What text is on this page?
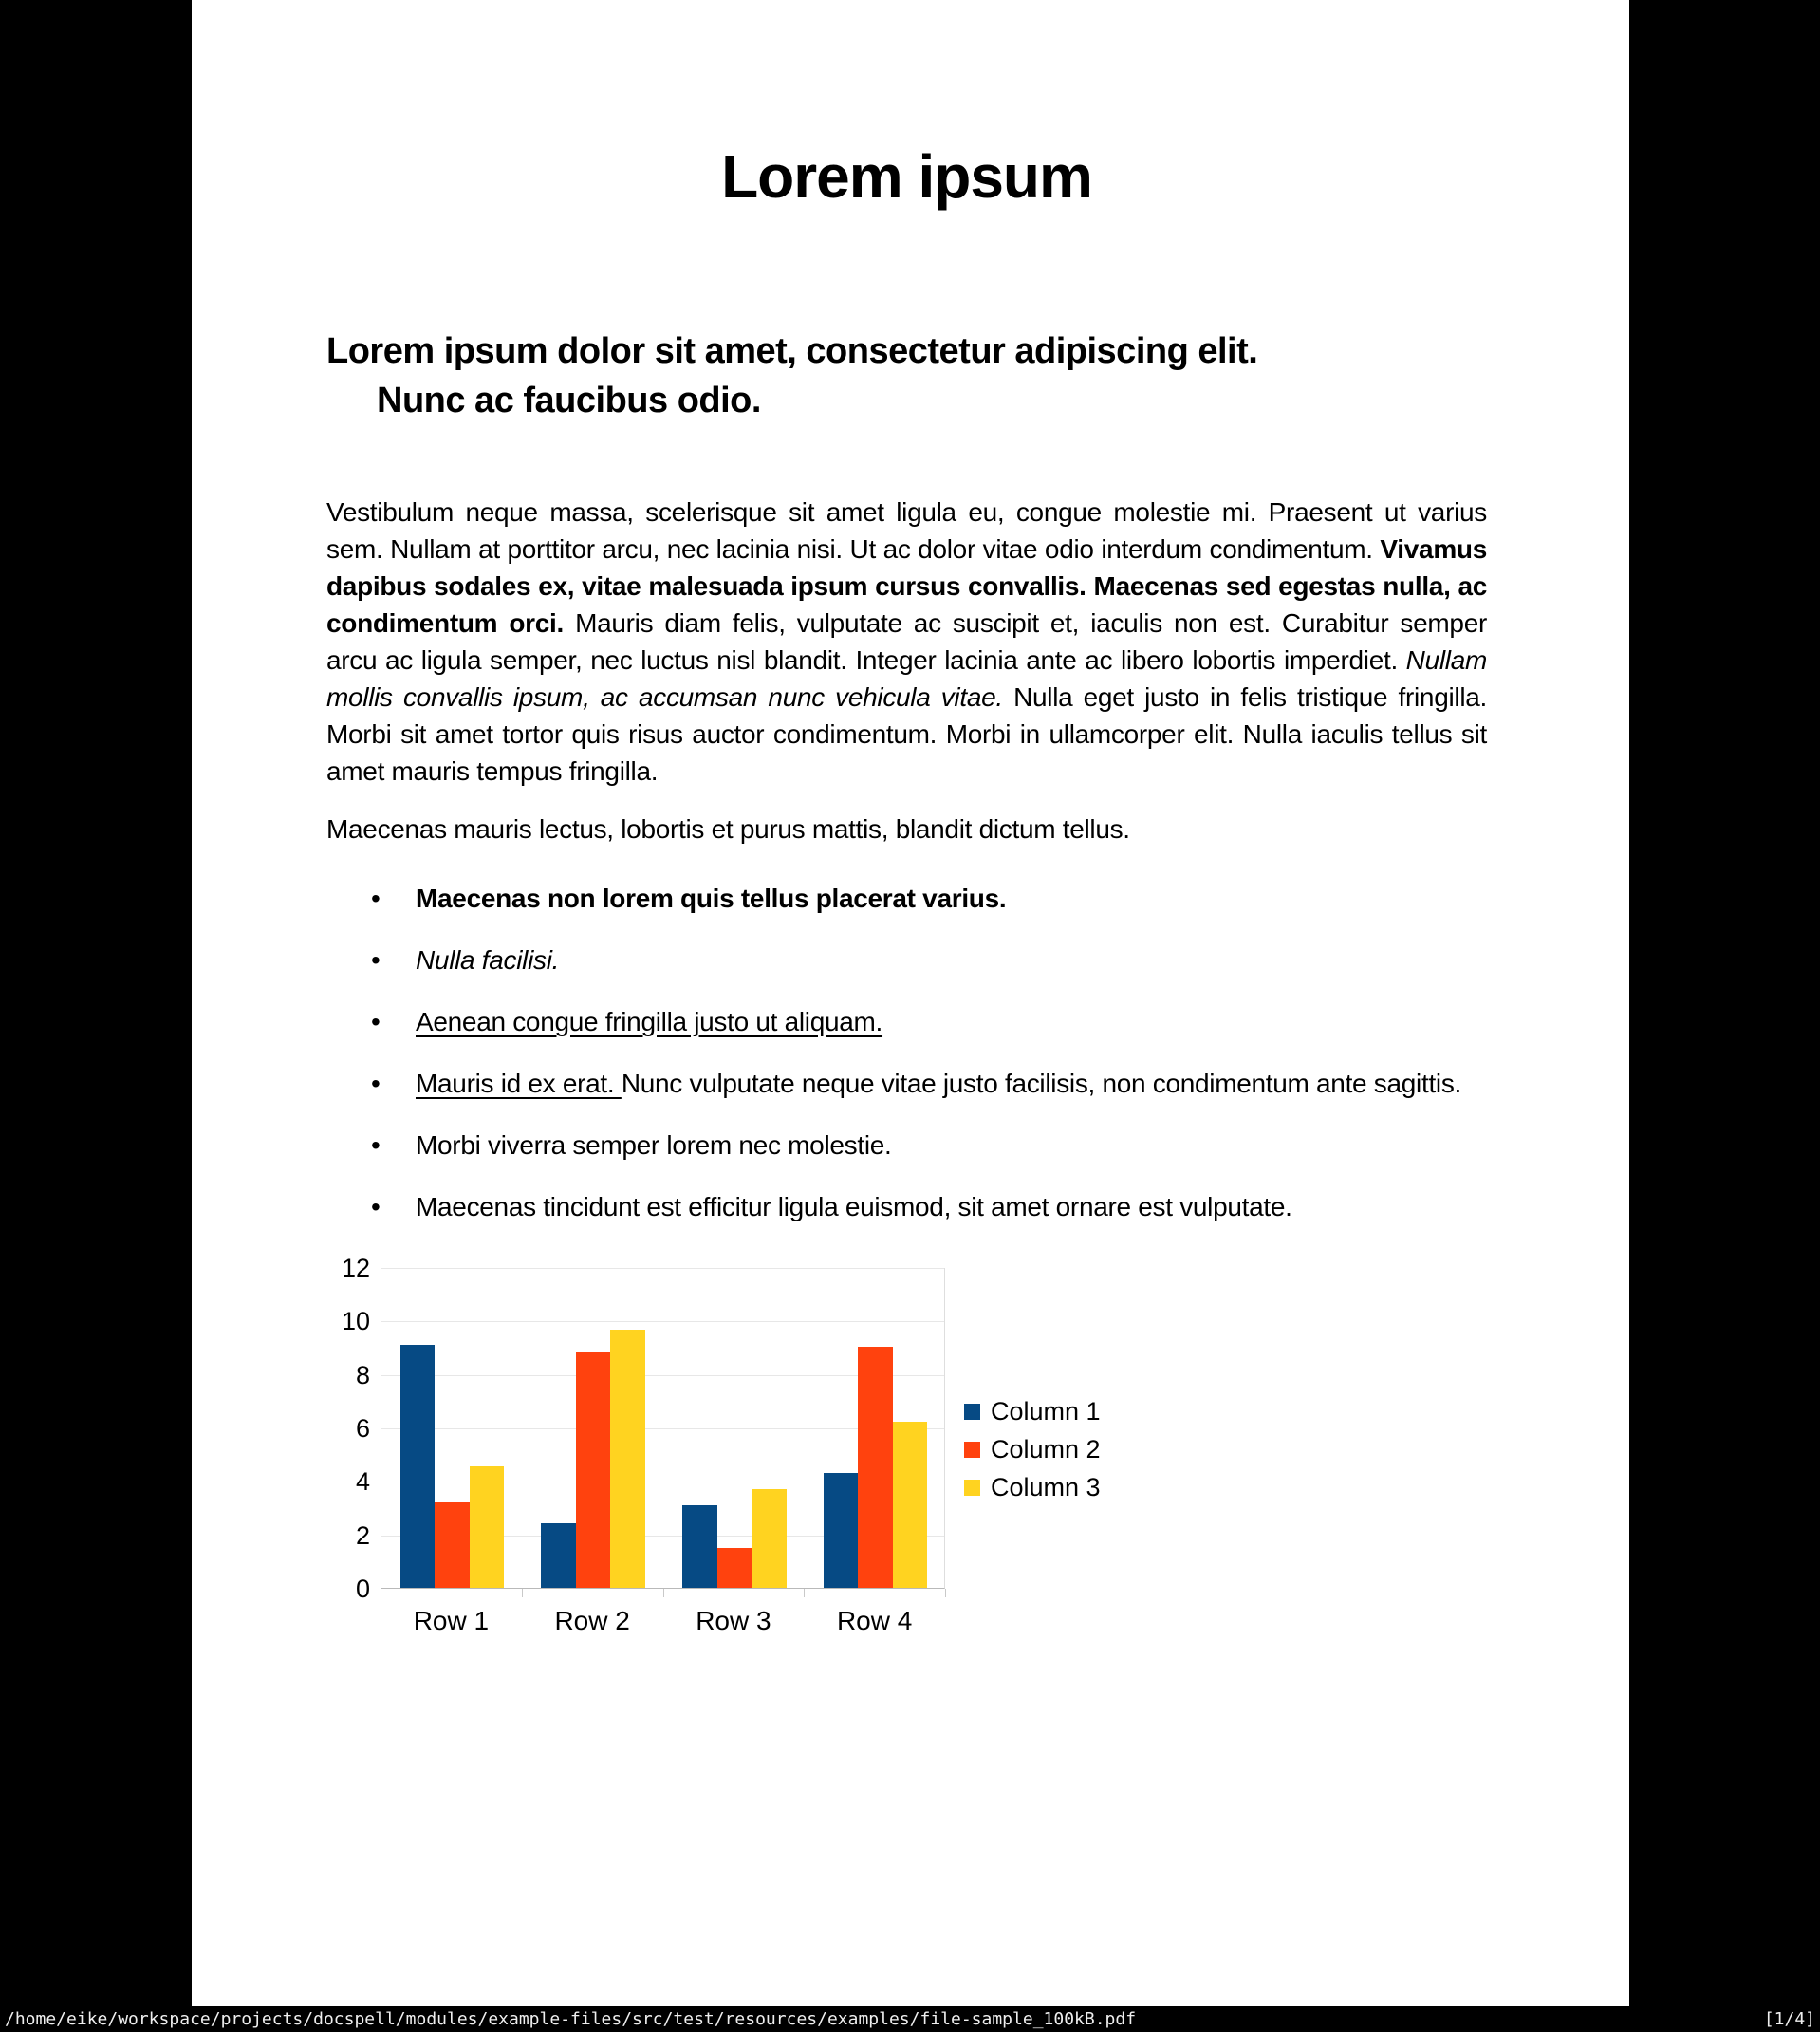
Lorem ipsum
Lorem ipsum dolor sit amet, consectetur adipiscing elit.
Nunc ac faucibus odio.

Vestibulum neque massa, scelerisque sit amet ligula eu, congue molestie mi. Praesent ut varius sem. Nullam at porttitor arcu, nec lacinia nisi. Ut ac dolor vitae odio interdum condimentum. Vivamus dapibus sodales ex, vitae malesuada ipsum cursus convallis. Maecenas sed egestas nulla, ac condimentum orci. Mauris diam felis, vulputate ac suscipit et, iaculis non est. Curabitur semper arcu ac ligula semper, nec luctus nisl blandit. Integer lacinia ante ac libero lobortis imperdiet. Nullam mollis convallis ipsum, ac accumsan nunc vehicula vitae. Nulla eget justo in felis tristique fringilla. Morbi sit amet tortor quis risus auctor condimentum. Morbi in ullamcorper elit. Nulla iaculis tellus sit amet mauris tempus fringilla.

Maecenas mauris lectus, lobortis et purus mattis, blandit dictum tellus.

• Maecenas non lorem quis tellus placerat varius.
• Nulla facilisi.
• Aenean congue fringilla justo ut aliquam.
• Mauris id ex erat. Nunc vulputate neque vitae justo facilisis, non condimentum ante sagittis.
• Morbi viverra semper lorem nec molestie.
• Maecenas tincidunt est efficitur ligula euismod, sit amet ornare est vulputate.
Column 1
Column 2
Column 3
0
2
4
6
8
10
12
Row 1	Row 2	Row 3	Row 4
/home/eike/workspace/projects/docspell/modules/example-files/src/test/resources/examples/file-sample_100kB.pdf	[1/4]
